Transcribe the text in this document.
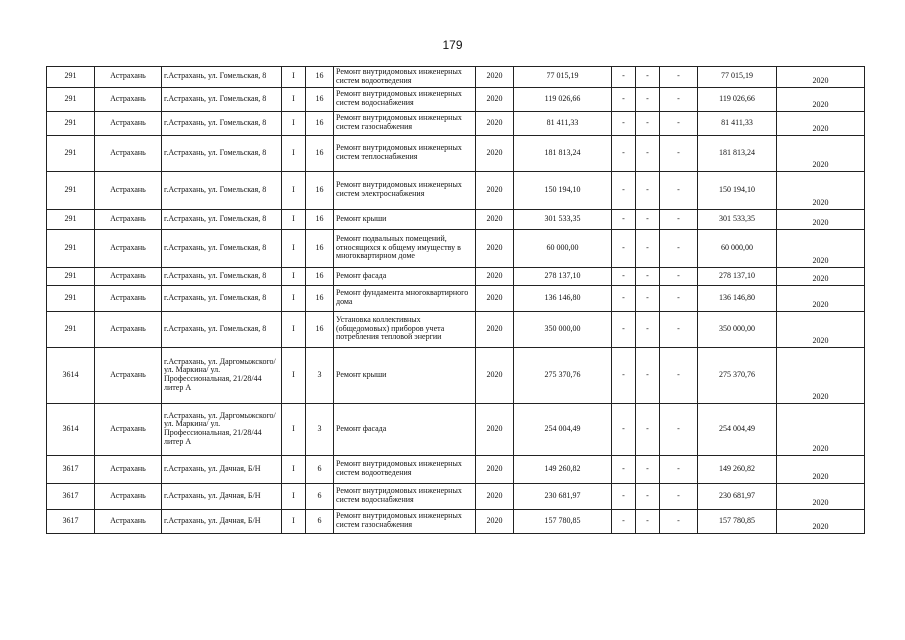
179
291	Астрахань	г.Астрахань, ул. Гомельская, 8	I	16	Ремонт внутридомовых инженерных систем водоотведения	2020	77 015,19	-	-	-	77 015,19	2020
291	Астрахань	г.Астрахань, ул. Гомельская, 8	I	16	Ремонт внутридомовых инженерных систем водоснабжения	2020	119 026,66	-	-	-	119 026,66	2020
291	Астрахань	г.Астрахань, ул. Гомельская, 8	I	16	Ремонт внутридомовых инженерных систем газоснабжения	2020	81 411,33	-	-	-	81 411,33	2020
291	Астрахань	г.Астрахань, ул. Гомельская, 8	I	16	Ремонт внутридомовых инженерных систем теплоснабжения	2020	181 813,24	-	-	-	181 813,24	2020
291	Астрахань	г.Астрахань, ул. Гомельская, 8	I	16	Ремонт внутридомовых инженерных систем электроснабжения	2020	150 194,10	-	-	-	150 194,10	2020
291	Астрахань	г.Астрахань, ул. Гомельская, 8	I	16	Ремонт крыши	2020	301 533,35	-	-	-	301 533,35	2020
291	Астрахань	г.Астрахань, ул. Гомельская, 8	I	16	Ремонт подвальных помещений, относящихся к общему имуществу в многоквартирном доме	2020	60 000,00	-	-	-	60 000,00	2020
291	Астрахань	г.Астрахань, ул. Гомельская, 8	I	16	Ремонт фасада	2020	278 137,10	-	-	-	278 137,10	2020
291	Астрахань	г.Астрахань, ул. Гомельская, 8	I	16	Ремонт фундамента многоквартирного дома	2020	136 146,80	-	-	-	136 146,80	2020
291	Астрахань	г.Астрахань, ул. Гомельская, 8	I	16	Установка коллективных (общедомовых) приборов учета потребления тепловой энергии	2020	350 000,00	-	-	-	350 000,00	2020
3614	Астрахань	г.Астрахань, ул. Даргомыжского/ул. Маркина/ ул. Профессиональная, 21/28/44 литер А	I	3	Ремонт крыши	2020	275 370,76	-	-	-	275 370,76	2020
3614	Астрахань	г.Астрахань, ул. Даргомыжского/ул. Маркина/ ул. Профессиональная, 21/28/44 литер А	I	3	Ремонт фасада	2020	254 004,49	-	-	-	254 004,49	2020
3617	Астрахань	г.Астрахань, ул. Дачная, Б/Н	I	6	Ремонт внутридомовых инженерных систем водоотведения	2020	149 260,82	-	-	-	149 260,82	2020
3617	Астрахань	г.Астрахань, ул. Дачная, Б/Н	I	6	Ремонт внутридомовых инженерных систем водоснабжения	2020	230 681,97	-	-	-	230 681,97	2020
3617	Астрахань	г.Астрахань, ул. Дачная, Б/Н	I	6	Ремонт внутридомовых инженерных систем газоснабжения	2020	157 780,85	-	-	-	157 780,85	2020
